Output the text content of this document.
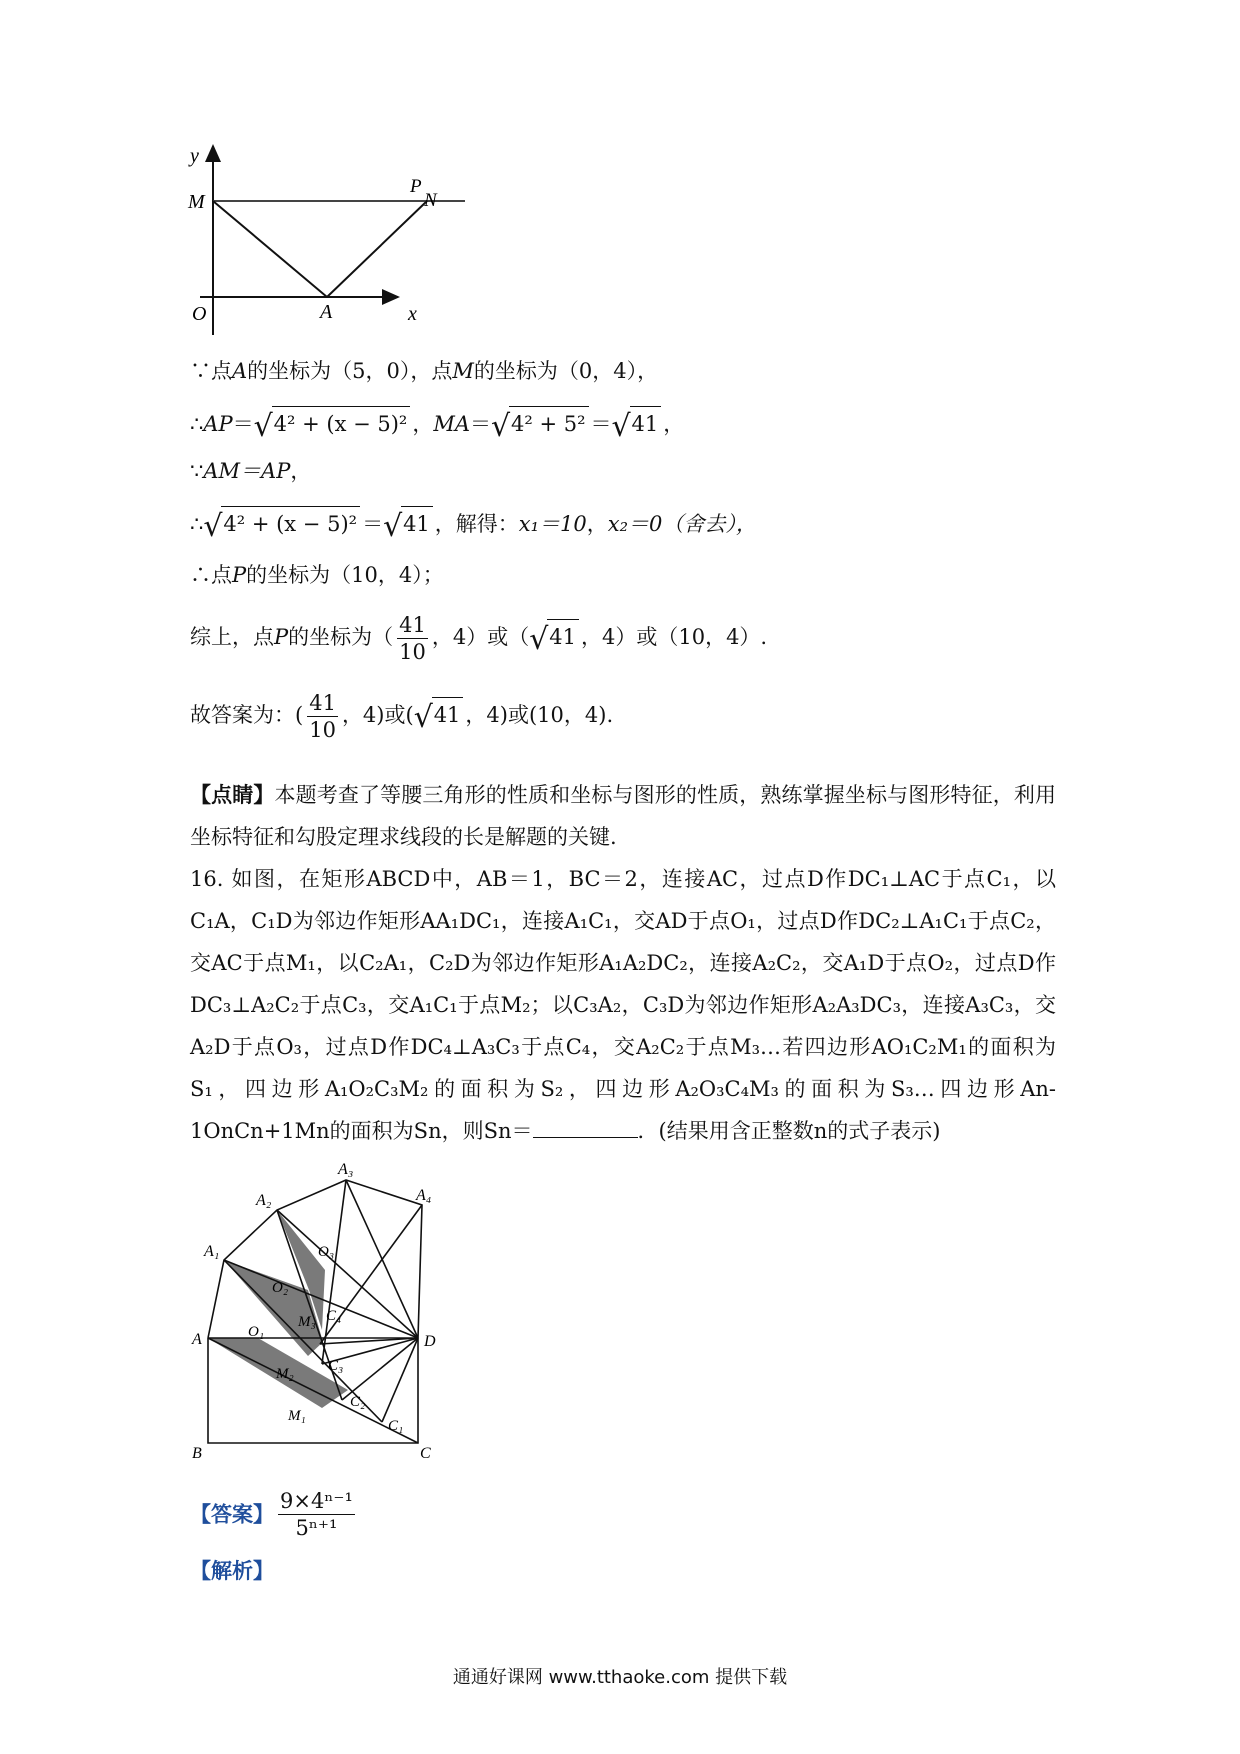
y
M
O	A	x
P
N
∵点A的坐标为（5，0），点M的坐标为（0，4），
∴AP＝ √ 4² + (x − 5)² ，MA＝ √ 4² + 5² ＝ √ 41 ，
∵AM＝AP，
∴ √ 4² + (x − 5)² ＝ √ 41 ，解得：x₁＝10，x₂＝0（舍去），
∴点P的坐标为（10，4）；
综上，点P的坐标为（ $\frac{41}{10}$ ，4）或（ √ 41 ，4）或（10，4）.
故答案为：( $\frac{41}{10}$ ，4)或( √ 41 ，4)或(10，4).
【点睛】本题考查了等腰三角形的性质和坐标与图形的性质，熟练掌握坐标与图形特征，利用坐标特征和勾股定理求线段的长是解题的关键.
16. 如图，在矩形ABCD中，AB＝1，BC＝2，连接AC，过点D作DC₁⊥AC于点C₁，以C₁A，C₁D为邻边作矩形AA₁DC₁，连接A₁C₁，交AD于点O₁，过点D作DC₂⊥A₁C₁于点C₂，交AC于点M₁，以C₂A₁，C₂D为邻边作矩形A₁A₂DC₂，连接A₂C₂，交A₁D于点O₂，过点D作DC₃⊥A₂C₂于点C₃，交A₁C₁于点M₂；以C₃A₂，C₃D为邻边作矩形A₂A₃DC₃，连接A₃C₃，交A₂D于点O₃，过点D作DC₄⊥A₃C₃于点C₄，交A₂C₂于点M₃…若四边形AO₁C₂M₁的面积为S₁，四边形A₁O₂C₃M₂的面积为S₂，四边形A₂O₃C₄M₃的面积为S₃…四边形An-1OnCn+1Mn的面积为Sn，则Sn＝	．(结果用含正整数n的式子表示)
A
A₁
A₂
A₃
A₄
B	C
D
C₁
C₂
C₃
C₄
O₁
O₂
O₃
M₁
M₂
M₃
【答案】 $\frac{\text{9×4ⁿ⁻¹}}{\text{5ⁿ⁺¹}}$
【解析】
通通好课网 www.tthaoke.com 提供下载
